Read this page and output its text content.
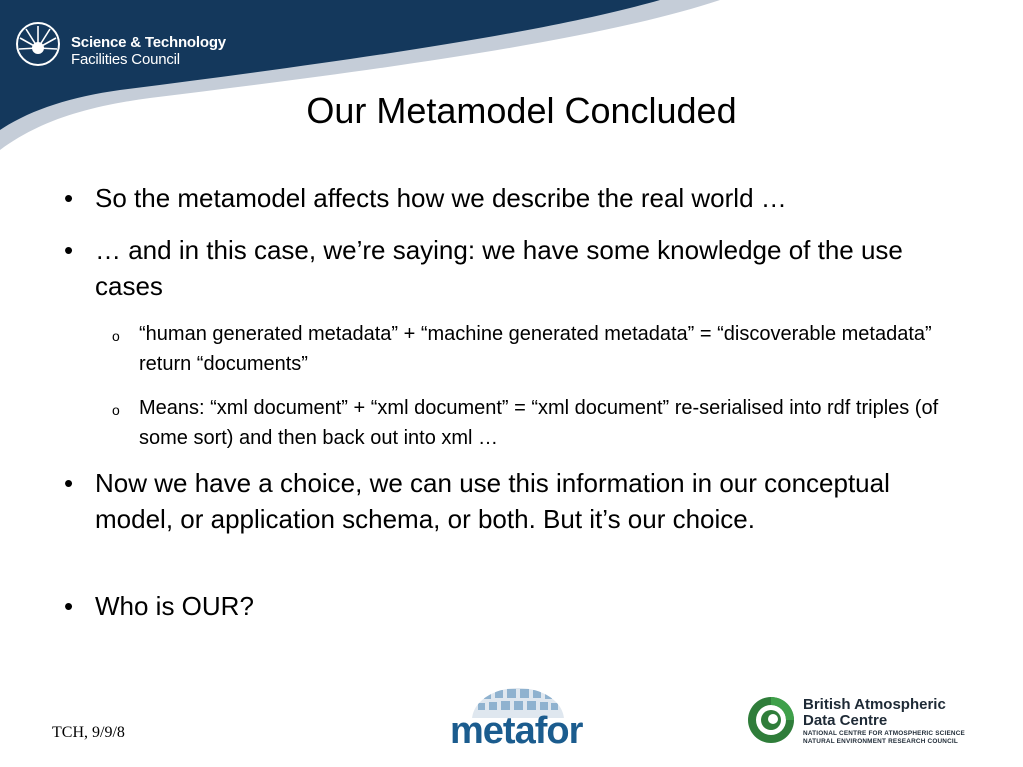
Science & Technology
Facilities Council
Our Metamodel Concluded
• So the metamodel affects how we describe the real world …
• … and in this case, we’re saying: we have some knowledge of the use cases
o “human generated metadata” + “machine generated metadata” = “discoverable metadata” return “documents”
o Means: “xml document” + “xml document” = “xml document” re-serialised into rdf triples (of some sort) and then back out into xml …
• Now we have a choice, we can use this information in our conceptual model, or application schema, or both. But it’s our choice.
• Who is OUR?
TCH, 9/9/8	metafor
British Atmospheric
Data Centre
NATIONAL CENTRE FOR ATMOSPHERIC SCIENCE
NATURAL ENVIRONMENT RESEARCH COUNCIL
